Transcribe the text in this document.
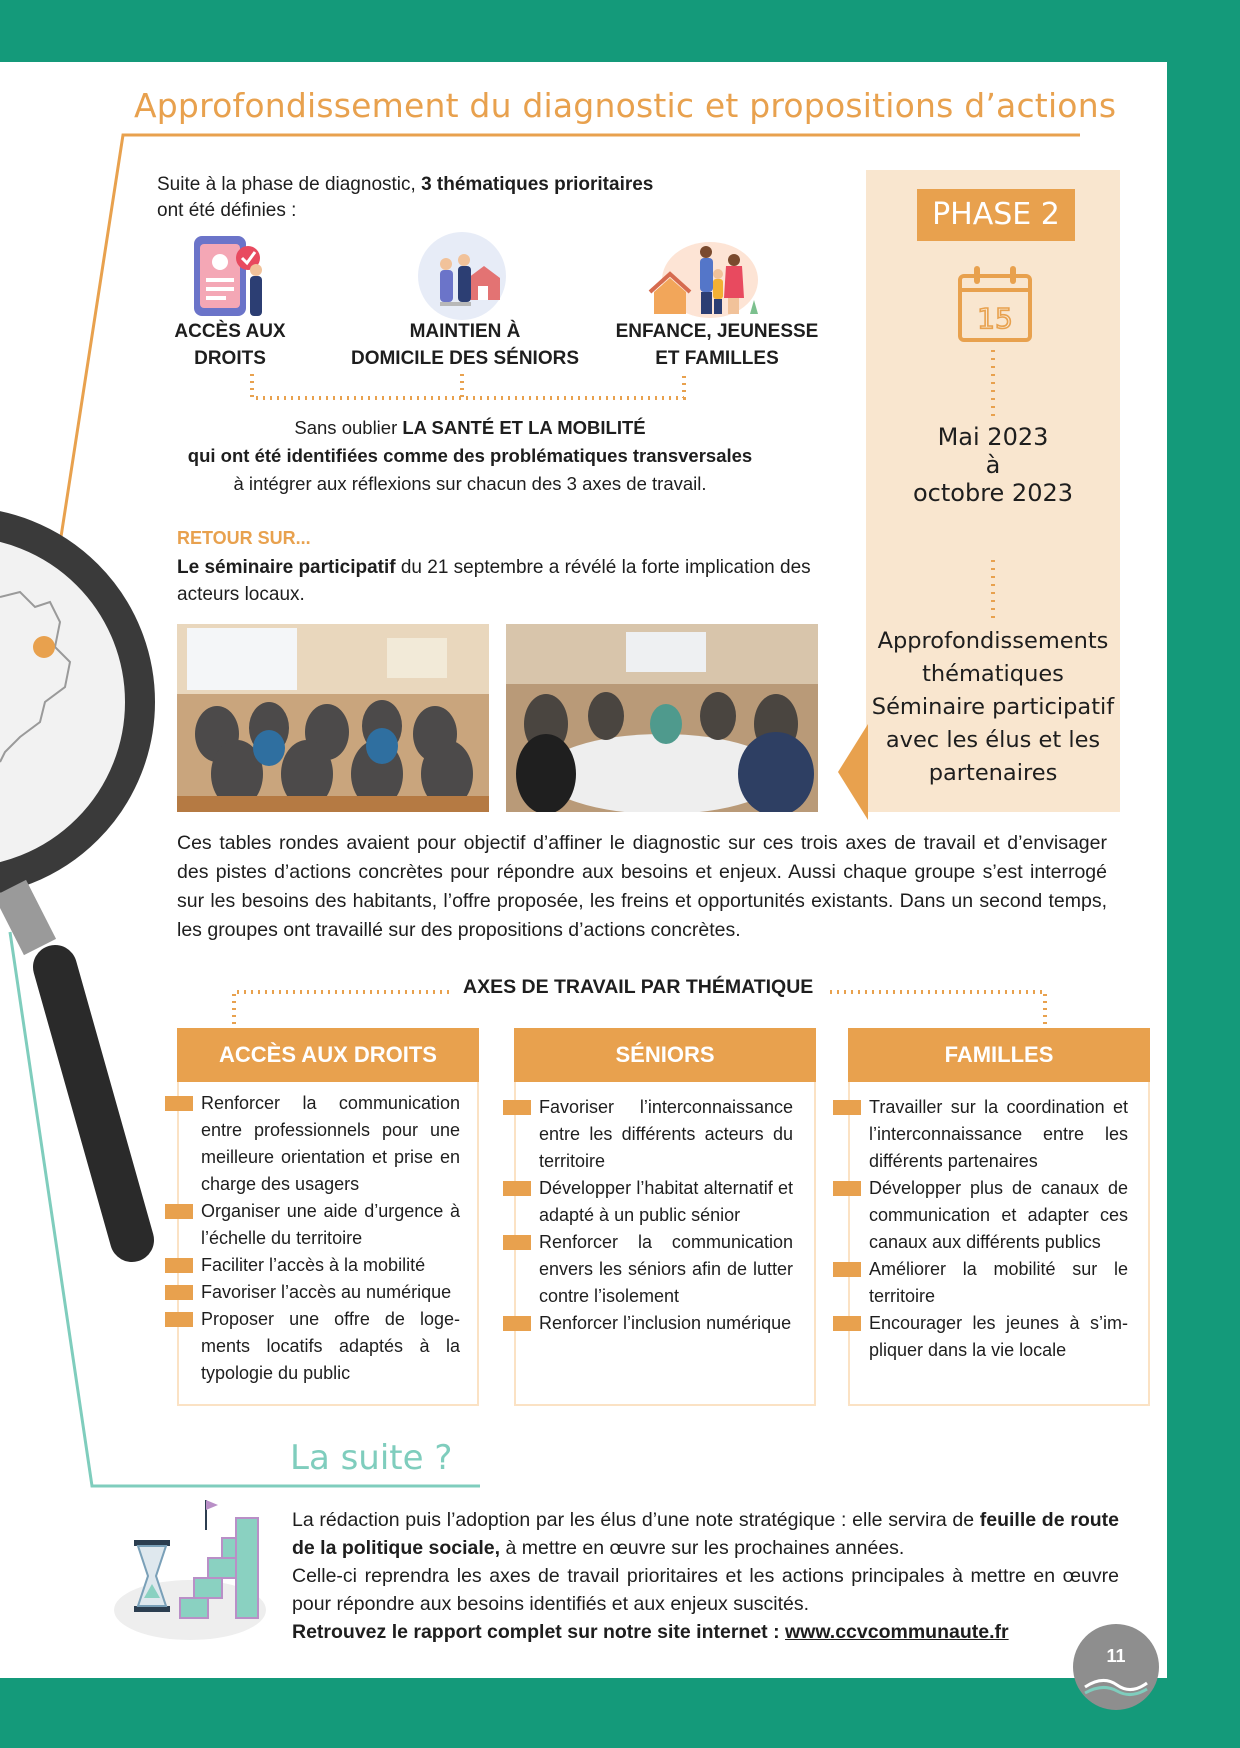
Approfondissement du diagnostic et propositions d’actions
Suite à la phase de diagnostic, 3 thématiques prioritaires
ont été définies :
ACCÈS AUX
DROITS
MAINTIEN À
DOMICILE DES SÉNIORS
ENFANCE, JEUNESSE
ET FAMILLES
Sans oublier LA SANTÉ ET LA MOBILITÉ
qui ont été identifiées comme des problématiques transversales
à intégrer aux réflexions sur chacun des 3 axes de travail.
RETOUR SUR...
Le séminaire participatif du 21 septembre a révélé la forte implication des acteurs locaux.
Ces tables rondes avaient pour objectif d’affiner le diagnostic sur ces trois axes de travail et d’envisager des pistes d’actions concrètes pour répondre aux besoins et enjeux. Aussi chaque groupe s’est interrogé sur les besoins des habitants, l’offre proposée, les freins et opportunités existants. Dans un second temps, les groupes ont travaillé sur des propositions d’actions concrètes.
PHASE 2
15
Mai 2023
à
octobre 2023
Approfondissements
thématiques
Séminaire participatif
avec les élus et les
partenaires
AXES DE TRAVAIL PAR THÉMATIQUE
ACCÈS AUX DROITS
Renforcer la communication entre professionnels pour une meilleure orientation et prise en charge des usagers
Organiser une aide d’urgence à l’échelle du territoire
Faciliter l’accès à la mobilité
Favoriser l’accès au numérique
Proposer une offre de logements locatifs adaptés à la typologie du public
SÉNIORS
Favoriser l’interconnaissance entre les différents acteurs du territoire
Développer l’habitat alternatif et adapté à un public sénior
Renforcer la communication envers les séniors afin de lutter contre l’isolement
Renforcer l’inclusion numérique
FAMILLES
Travailler sur la coordination et l’interconnaissance entre les différents partenaires
Développer plus de canaux de communication et adapter ces canaux aux différents publics
Améliorer la mobilité sur le territoire
Encourager les jeunes à s’impliquer dans la vie locale
La suite ?
La rédaction puis l’adoption par les élus d’une note stratégique : elle servira de feuille de route de la politique sociale, à mettre en œuvre sur les prochaines années.
Celle-ci reprendra les axes de travail prioritaires et les actions principales à mettre en œuvre pour répondre aux besoins identifiés et aux enjeux suscités.
Retrouvez le rapport complet sur notre site internet : www.ccvcommunaute.fr
11
